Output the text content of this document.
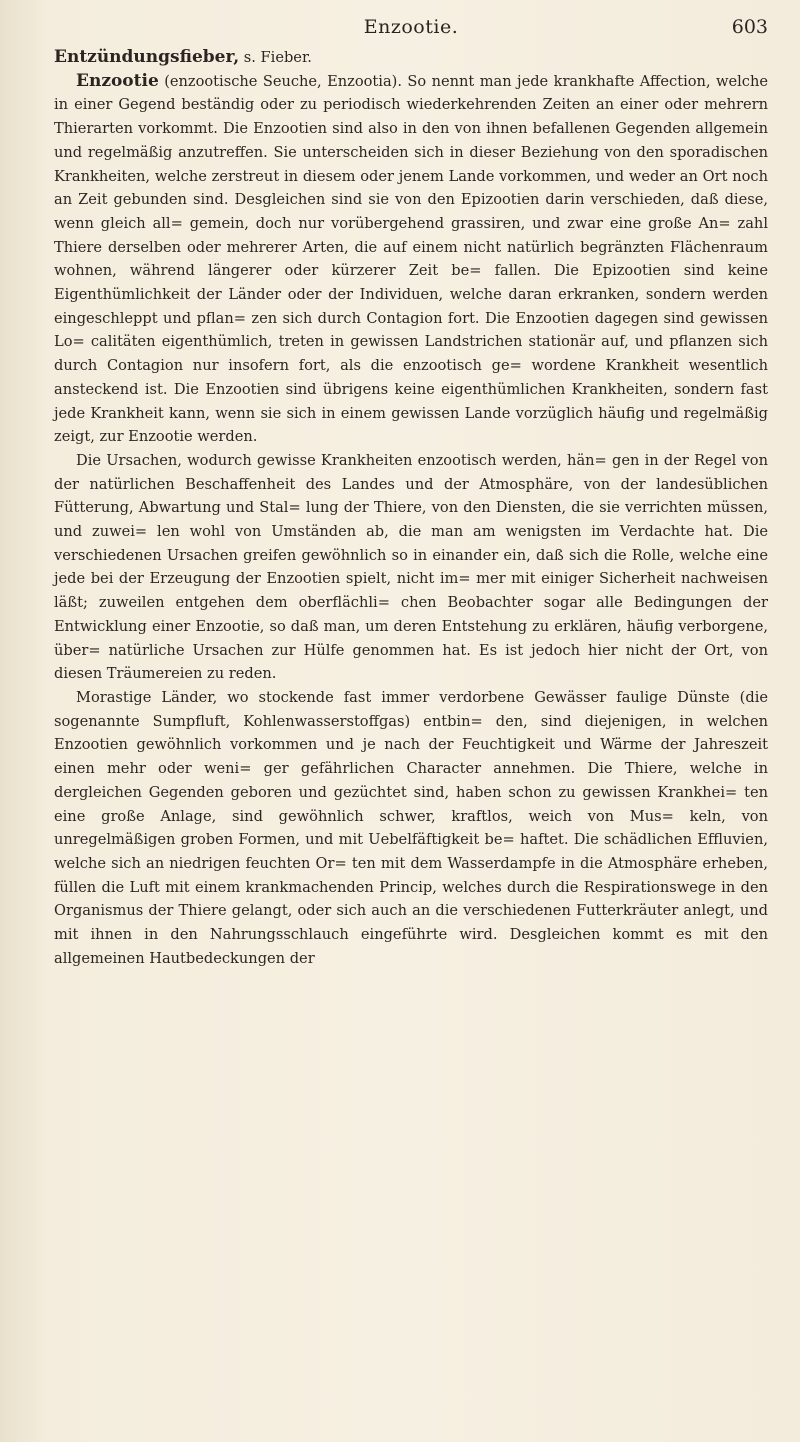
Enzootie.	603

Entzündungsfieber, s. Fieber.

Enzootie (enzootische Seuche, Enzootia). So nennt man jede krankhafte Affection, welche in einer Gegend beständig oder zu periodisch wiederkehrenden Zeiten an einer oder mehrern Thierarten vorkommt. Die Enzootien sind also in den von ihnen befallenen Gegenden allgemein und regelmäßig anzutreffen. Sie unterscheiden sich in dieser Beziehung von den sporadischen Krankheiten, welche zerstreut in diesem oder jenem Lande vorkommen, und weder an Ort noch an Zeit gebunden sind. Desgleichen sind sie von den Epizootien darin verschieden, daß diese, wenn gleich all= gemein, doch nur vorübergehend grassiren, und zwar eine große An= zahl Thiere derselben oder mehrerer Arten, die auf einem nicht natürlich begränzten Flächenraum wohnen, während längerer oder kürzerer Zeit be= fallen. Die Epizootien sind keine Eigenthümlichkeit der Länder oder der Individuen, welche daran erkranken, sondern werden eingeschleppt und pflan= zen sich durch Contagion fort. Die Enzootien dagegen sind gewissen Lo= calitäten eigenthümlich, treten in gewissen Landstrichen stationär auf, und pflanzen sich durch Contagion nur insofern fort, als die enzootisch ge= wordene Krankheit wesentlich ansteckend ist. Die Enzootien sind übrigens keine eigenthümlichen Krankheiten, sondern fast jede Krankheit kann, wenn sie sich in einem gewissen Lande vorzüglich häufig und regelmäßig zeigt, zur Enzootie werden.

Die Ursachen, wodurch gewisse Krankheiten enzootisch werden, hän= gen in der Regel von der natürlichen Beschaffenheit des Landes und der Atmosphäre, von der landesüblichen Fütterung, Abwartung und Stal= lung der Thiere, von den Diensten, die sie verrichten müssen, und zuwei= len wohl von Umständen ab, die man am wenigsten im Verdachte hat. Die verschiedenen Ursachen greifen gewöhnlich so in einander ein, daß sich die Rolle, welche eine jede bei der Erzeugung der Enzootien spielt, nicht im= mer mit einiger Sicherheit nachweisen läßt; zuweilen entgehen dem oberflächli= chen Beobachter sogar alle Bedingungen der Entwicklung einer Enzootie, so daß man, um deren Entstehung zu erklären, häufig verborgene, über= natürliche Ursachen zur Hülfe genommen hat. Es ist jedoch hier nicht der Ort, von diesen Träumereien zu reden.

Morastige Länder, wo stockende fast immer verdorbene Gewässer faulige Dünste (die sogenannte Sumpfluft, Kohlenwasserstoffgas) entbin= den, sind diejenigen, in welchen Enzootien gewöhnlich vorkommen und je nach der Feuchtigkeit und Wärme der Jahreszeit einen mehr oder weni= ger gefährlichen Character annehmen. Die Thiere, welche in dergleichen Gegenden geboren und gezüchtet sind, haben schon zu gewissen Krankhei= ten eine große Anlage, sind gewöhnlich schwer, kraftlos, weich von Mus= keln, von unregelmäßigen groben Formen, und mit Uebelfäftigkeit be= haftet. Die schädlichen Effluvien, welche sich an niedrigen feuchten Or= ten mit dem Wasserdampfe in die Atmosphäre erheben, füllen die Luft mit einem krankmachenden Princip, welches durch die Respirationswege in den Organismus der Thiere gelangt, oder sich auch an die verschiedenen Futterkräuter anlegt, und mit ihnen in den Nahrungsschlauch eingeführte wird. Desgleichen kommt es mit den allgemeinen Hautbedeckungen der
